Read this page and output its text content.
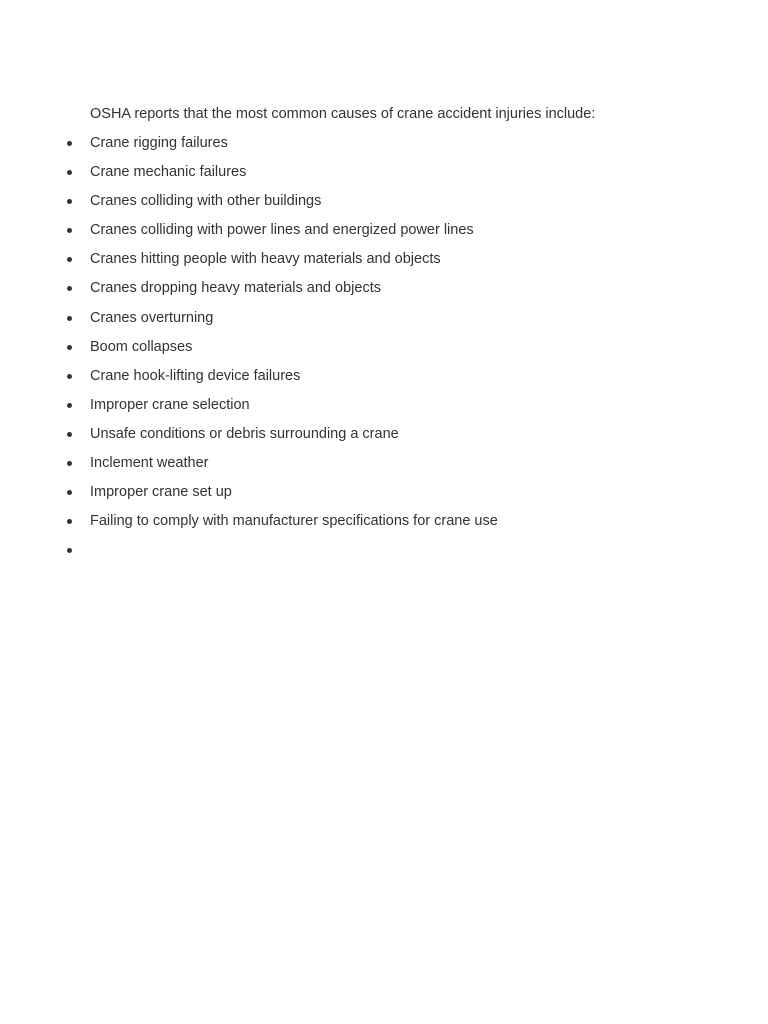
OSHA reports that the most common causes of crane accident injuries include:

Crane rigging failures
Crane mechanic failures
Cranes colliding with other buildings
Cranes colliding with power lines and energized power lines
Cranes hitting people with heavy materials and objects
Cranes dropping heavy materials and objects
Cranes overturning
Boom collapses
Crane hook-lifting device failures
Improper crane selection
Unsafe conditions or debris surrounding a crane
Inclement weather
Improper crane set up
Failing to comply with manufacturer specifications for crane use
